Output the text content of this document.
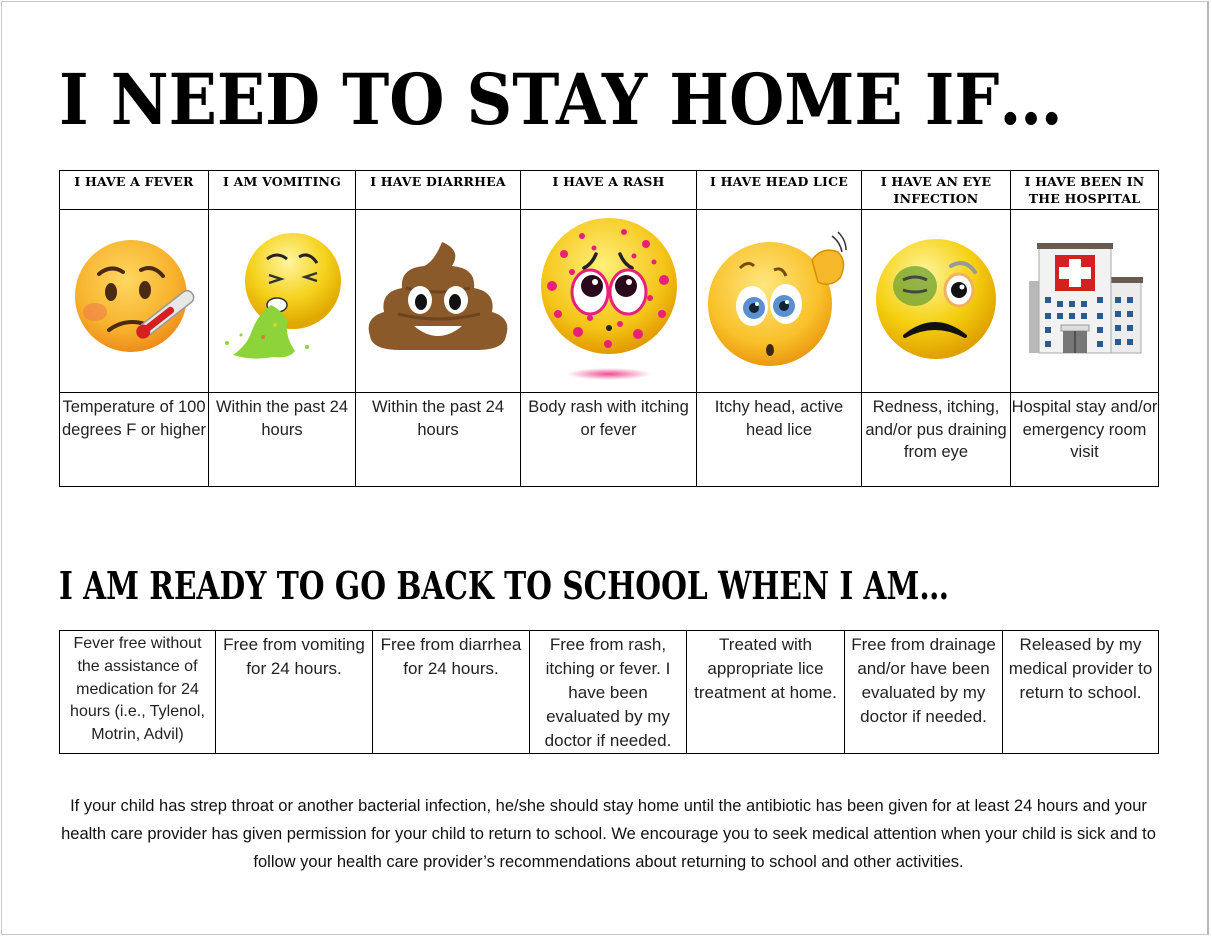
I NEED TO STAY HOME IF…
I HAVE A FEVER	I AM VOMITING	I HAVE DIARRHEA	I HAVE A RASH	I HAVE HEAD LICE	I HAVE AN EYE INFECTION	I HAVE BEEN IN THE HOSPITAL

Temperature of 100 degrees F or higher	Within the past 24 hours	Within the past 24 hours	Body rash with itching or fever	Itchy head, active head lice	Redness, itching, and/or pus draining from eye	Hospital stay and/or emergency room visit
I AM READY TO GO BACK TO SCHOOL WHEN I AM…
Fever free without the assistance of medication for 24 hours (i.e., Tylenol, Motrin, Advil)	Free from vomiting for 24 hours.	Free from diarrhea for 24 hours.	Free from rash, itching or fever. I have been evaluated by my doctor if needed.	Treated with appropriate lice treatment at home.	Free from drainage and/or have been evaluated by my doctor if needed.	Released by my medical provider to return to school.

If your child has strep throat or another bacterial infection, he/she should stay home until the antibiotic has been given for at least 24 hours and your health care provider has given permission for your child to return to school. We encourage you to seek medical attention when your child is sick and to follow your health care provider’s recommendations about returning to school and other activities.
